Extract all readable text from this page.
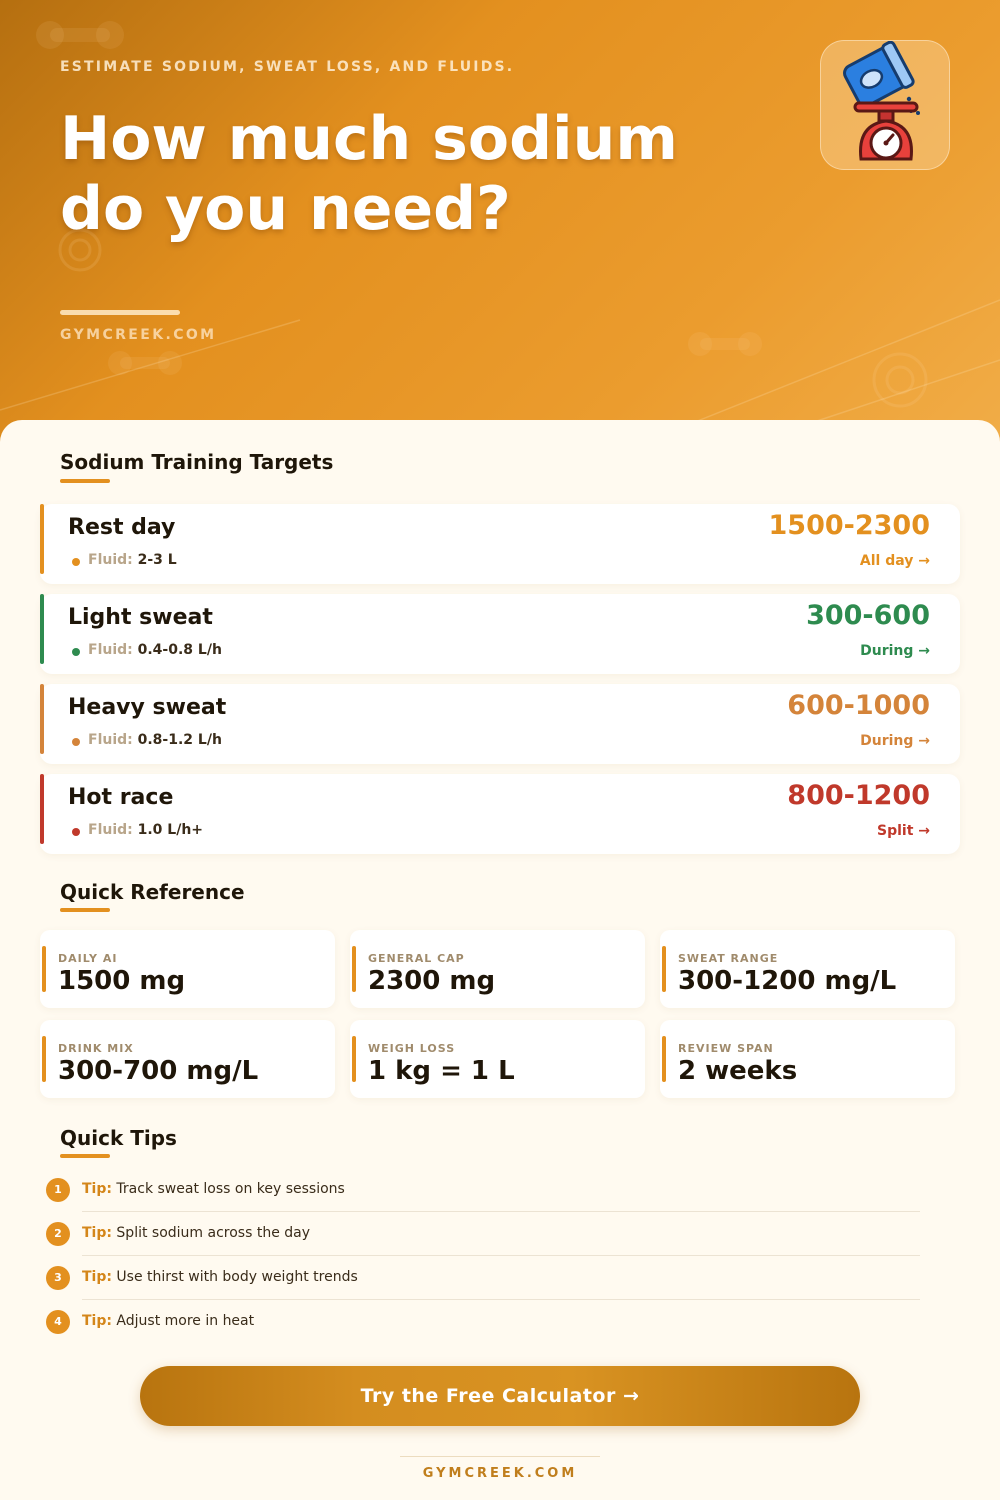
ESTIMATE SODIUM, SWEAT LOSS, AND FLUIDS.
How much sodium do you need?
GYMCREEK.COM
Sodium Training Targets
Rest day
Fluid: 2-3 L
1500-2300
All day →
Light sweat
Fluid: 0.4-0.8 L/h
300-600
During →
Heavy sweat
Fluid: 0.8-1.2 L/h
600-1000
During →
Hot race
Fluid: 1.0 L/h+
800-1200
Split →
Quick Reference
DAILY AI
1500 mg
GENERAL CAP
2300 mg
SWEAT RANGE
300-1200 mg/L
DRINK MIX
300-700 mg/L
WEIGH LOSS
1 kg = 1 L
REVIEW SPAN
2 weeks
Quick Tips
1	Tip: Track sweat loss on key sessions
2	Tip: Split sodium across the day
3	Tip: Use thirst with body weight trends
4	Tip: Adjust more in heat
Try the Free Calculator →
GYMCREEK.COM
